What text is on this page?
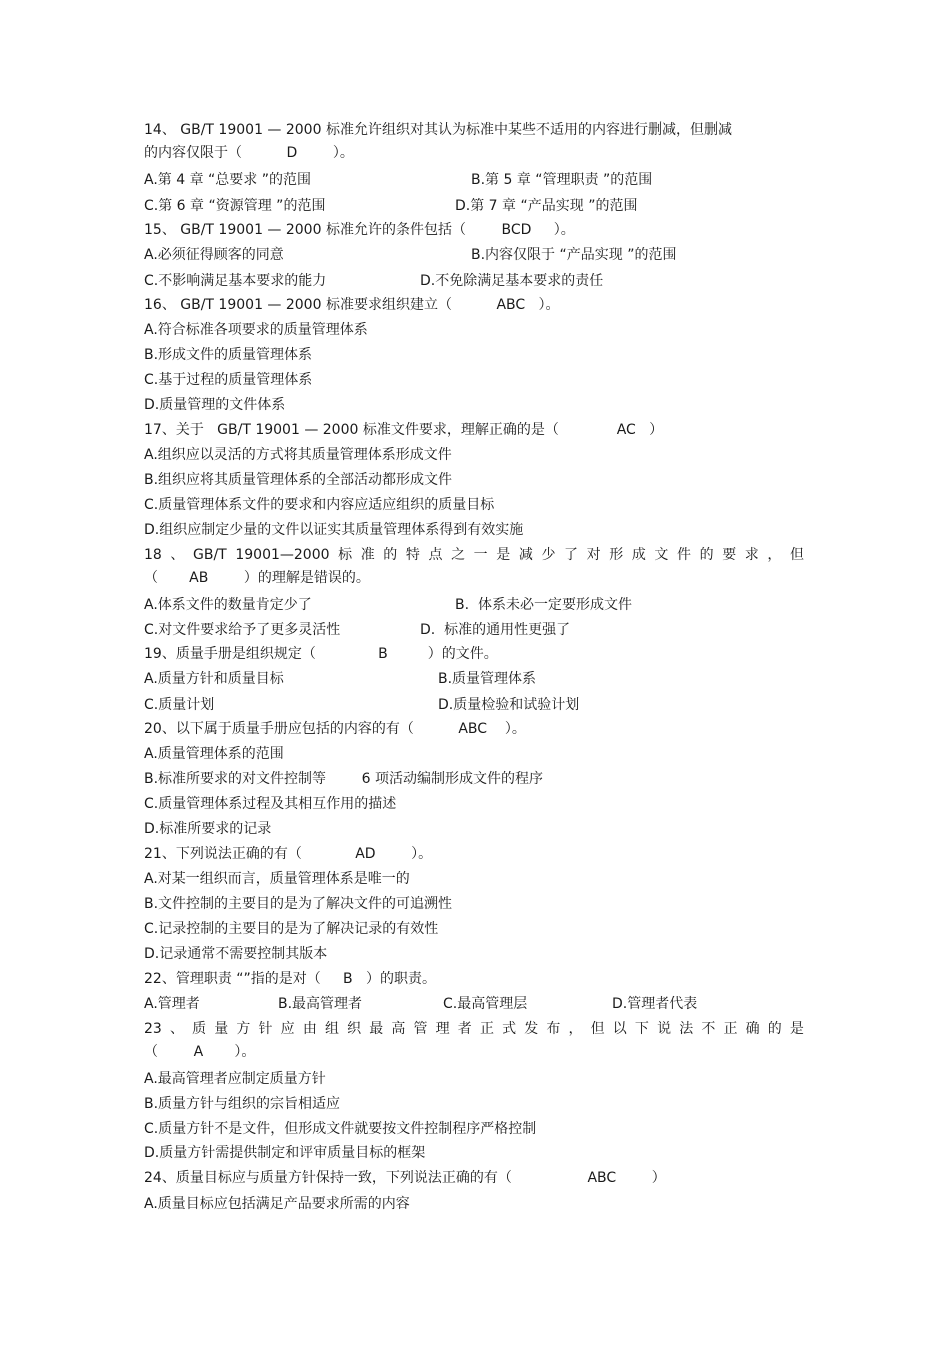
14、 GB/T 19001 — 2000 标准允许组织对其认为标准中某些不适用的内容进行删减，但删减
的内容仅限于（          D        ）。
A.第 4 章 “总要求 ”的范围	B.第 5 章 “管理职责 ”的范围
C.第 6 章 “资源管理 ”的范围	D.第 7 章 “产品实现 ”的范围
15、 GB/T 19001 — 2000 标准允许的条件包括（        BCD     ）。
A.必须征得顾客的同意	B.内容仅限于 “产品实现 ”的范围
C.不影响满足基本要求的能力	D.不免除满足基本要求的责任
16、 GB/T 19001 — 2000 标准要求组织建立（          ABC   ）。
A.符合标准各项要求的质量管理体系
B.形成文件的质量管理体系
C.基于过程的质量管理体系
D.质量管理的文件体系
17、关于   GB/T 19001 — 2000 标准文件要求，理解正确的是（             AC   ）
A.组织应以灵活的方式将其质量管理体系形成文件
B.组织应将其质量管理体系的全部活动都形成文件
C.质量管理体系文件的要求和内容应适应组织的质量目标
D.组织应制定少量的文件以证实其质量管理体系得到有效实施
18 、 GB/T 19001—2000 标 准 的 特 点 之 一 是 减 少 了 对 形 成 文 件 的 要 求 ， 但
（       AB        ）的理解是错误的。
A.体系文件的数量肯定少了	B.  体系未必一定要形成文件
C.对文件要求给予了更多灵活性	D.  标准的通用性更强了
19、质量手册是组织规定（              B         ）的文件。
A.质量方针和质量目标	B.质量管理体系
C.质量计划	D.质量检验和试验计划
20、以下属于质量手册应包括的内容的有（          ABC    ）。
A.质量管理体系的范围
B.标准所要求的对文件控制等        6 项活动编制形成文件的程序
C.质量管理体系过程及其相互作用的描述
D.标准所要求的记录
21、下列说法正确的有（            AD        ）。
A.对某一组织而言，质量管理体系是唯一的
B.文件控制的主要目的是为了解决文件的可追溯性
C.记录控制的主要目的是为了解决记录的有效性
D.记录通常不需要控制其版本
22、管理职责 “”指的是对（     B   ）的职责。
A.管理者	B.最高管理者	C.最高管理层	D.管理者代表
23 、 质 量 方 针 应 由 组 织 最 高 管 理 者 正 式 发 布 ， 但 以 下 说 法 不 正 确 的 是
（        A       ）。
A.最高管理者应制定质量方针
B.质量方针与组织的宗旨相适应
C.质量方针不是文件，但形成文件就要按文件控制程序严格控制
D.质量方针需提供制定和评审质量目标的框架
24、质量目标应与质量方针保持一致，下列说法正确的有（                 ABC        ）
A.质量目标应包括满足产品要求所需的内容
